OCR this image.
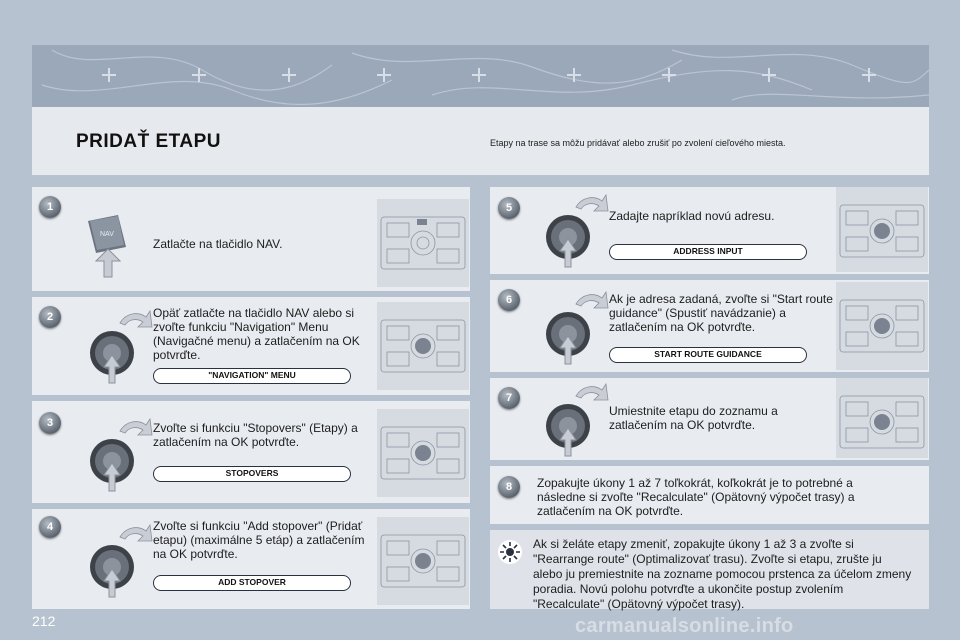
PRIDAŤ ETAPU	Etapy na trase sa môžu pridávať alebo zrušiť po zvolení cieľového miesta.
1
NAV
Zatlačte na tlačidlo NAV.
2	Opäť zatlačte na tlačidlo NAV alebo si zvoľte funkciu "Navigation" Menu (Navigačné menu) a zatlačením na OK potvrďte.
"NAVIGATION" MENU
3	Zvoľte si funkciu "Stopovers" (Etapy) a zatlačením na OK potvrďte.
STOPOVERS
4	Zvoľte si funkciu "Add stopover" (Pridať etapu) (maximálne 5 etáp) a zatlačením na OK potvrďte.
ADD STOPOVER
5
Zadajte napríklad novú adresu.
ADDRESS INPUT
6	Ak je adresa zadaná, zvoľte si "Start route guidance" (Spustiť navádzanie) a zatlačením na OK potvrďte.
START ROUTE GUIDANCE
7
Umiestnite etapu do zoznamu a zatlačením na OK potvrďte.
8	Zopakujte úkony 1 až 7 toľkokrát, koľkokrát je to potrebné a následne si zvoľte "Recalculate" (Opätovný výpočet trasy) a zatlačením na OK potvrďte.
Ak si želáte etapy zmeniť, zopakujte úkony 1 až 3 a zvoľte si "Rearrange route" (Optimalizovať trasu). Zvoľte si etapu, zrušte ju alebo ju premiestnite na zozname pomocou prstenca za účelom zmeny poradia. Novú polohu potvrďte a ukončite postup zvolením "Recalculate" (Opätovný výpočet trasy).
212	carmanualsonline.info
